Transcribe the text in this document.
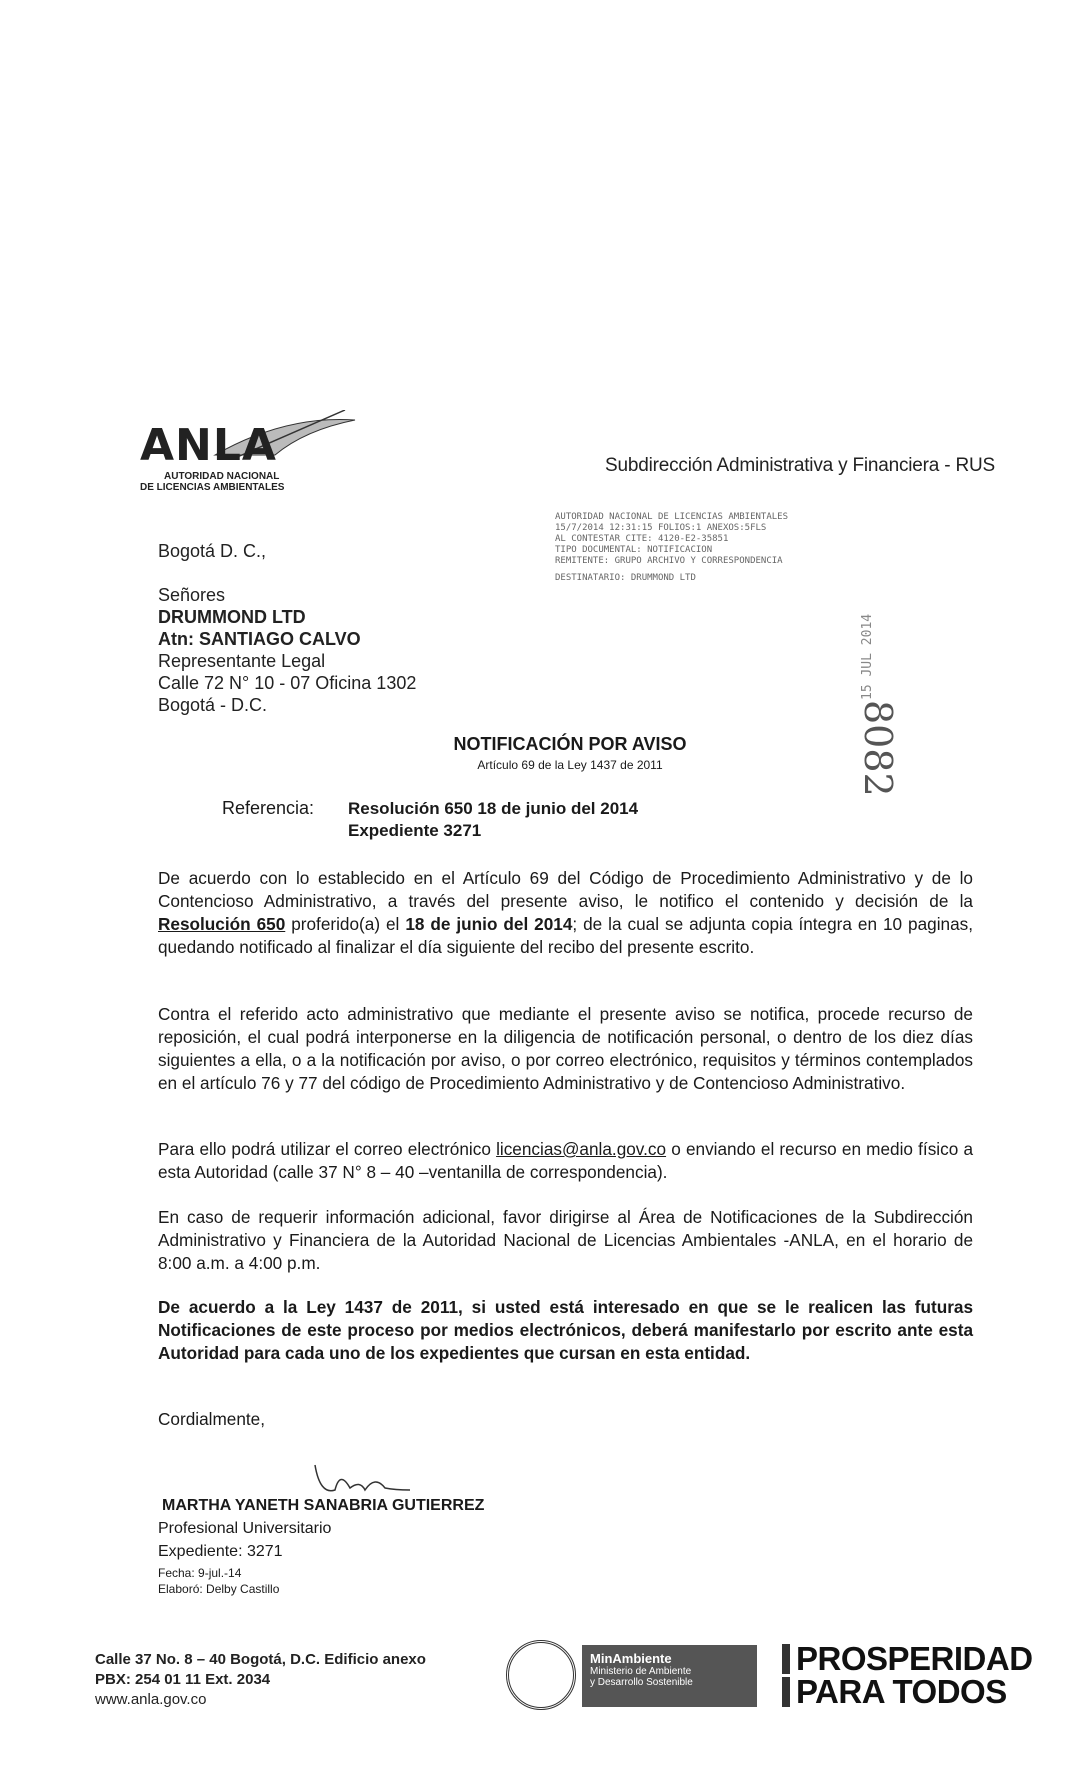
ANLA
AUTORIDAD NACIONAL
DE LICENCIAS AMBIENTALES
Subdirección Administrativa y Financiera - RUS
AUTORIDAD NACIONAL DE LICENCIAS AMBIENTALES
15/7/2014 12:31:15 FOLIOS:1 ANEXOS:5FLS
AL CONTESTAR CITE: 4120-E2-35851
TIPO DOCUMENTAL: NOTIFICACION
REMITENTE: GRUPO ARCHIVO Y CORRESPONDENCIA
DESTINATARIO: DRUMMOND LTD
8082
15 JUL 2014
Bogotá D. C.,
Señores
DRUMMOND LTD
Atn: SANTIAGO CALVO
Representante Legal
Calle 72 N° 10 - 07 Oficina 1302
Bogotá - D.C.
NOTIFICACIÓN POR AVISO
Artículo 69 de la Ley 1437 de 2011
Referencia: Resolución 650 18 de junio del 2014
Expediente 3271
De acuerdo con lo establecido en el Artículo 69 del Código de Procedimiento Administrativo y de lo Contencioso Administrativo, a través del presente aviso, le notifico el contenido y decisión de la Resolución 650 proferido(a) el 18 de junio del 2014; de la cual se adjunta copia íntegra en 10 paginas, quedando notificado al finalizar el día siguiente del recibo del presente escrito.
Contra el referido acto administrativo que mediante el presente aviso se notifica, procede recurso de reposición, el cual podrá interponerse en la diligencia de notificación personal, o dentro de los diez días siguientes a ella, o a la notificación por aviso, o por correo electrónico, requisitos y términos contemplados en el artículo 76 y 77 del código de Procedimiento Administrativo y de Contencioso Administrativo.
Para ello podrá utilizar el correo electrónico licencias@anla.gov.co o enviando el recurso en medio físico a esta Autoridad (calle 37 N° 8 – 40 –ventanilla de correspondencia).
En caso de requerir información adicional, favor dirigirse al Área de Notificaciones de la Subdirección Administrativo y Financiera de la Autoridad Nacional de Licencias Ambientales -ANLA, en el horario de 8:00 a.m. a 4:00 p.m.
De acuerdo a la Ley 1437 de 2011, si usted está interesado en que se le realicen las futuras Notificaciones de este proceso por medios electrónicos, deberá manifestarlo por escrito ante esta Autoridad para cada uno de los expedientes que cursan en esta entidad.
Cordialmente,
MARTHA YANETH SANABRIA GUTIERREZ
Profesional Universitario
Expediente: 3271
Fecha: 9-jul.-14
Elaboró: Delby Castillo
Calle 37 No. 8 – 40 Bogotá, D.C. Edificio anexo
PBX: 254 01 11 Ext. 2034
www.anla.gov.co
MinAmbiente
Ministerio de Ambiente
y Desarrollo Sostenible
PROSPERIDAD
PARA TODOS
